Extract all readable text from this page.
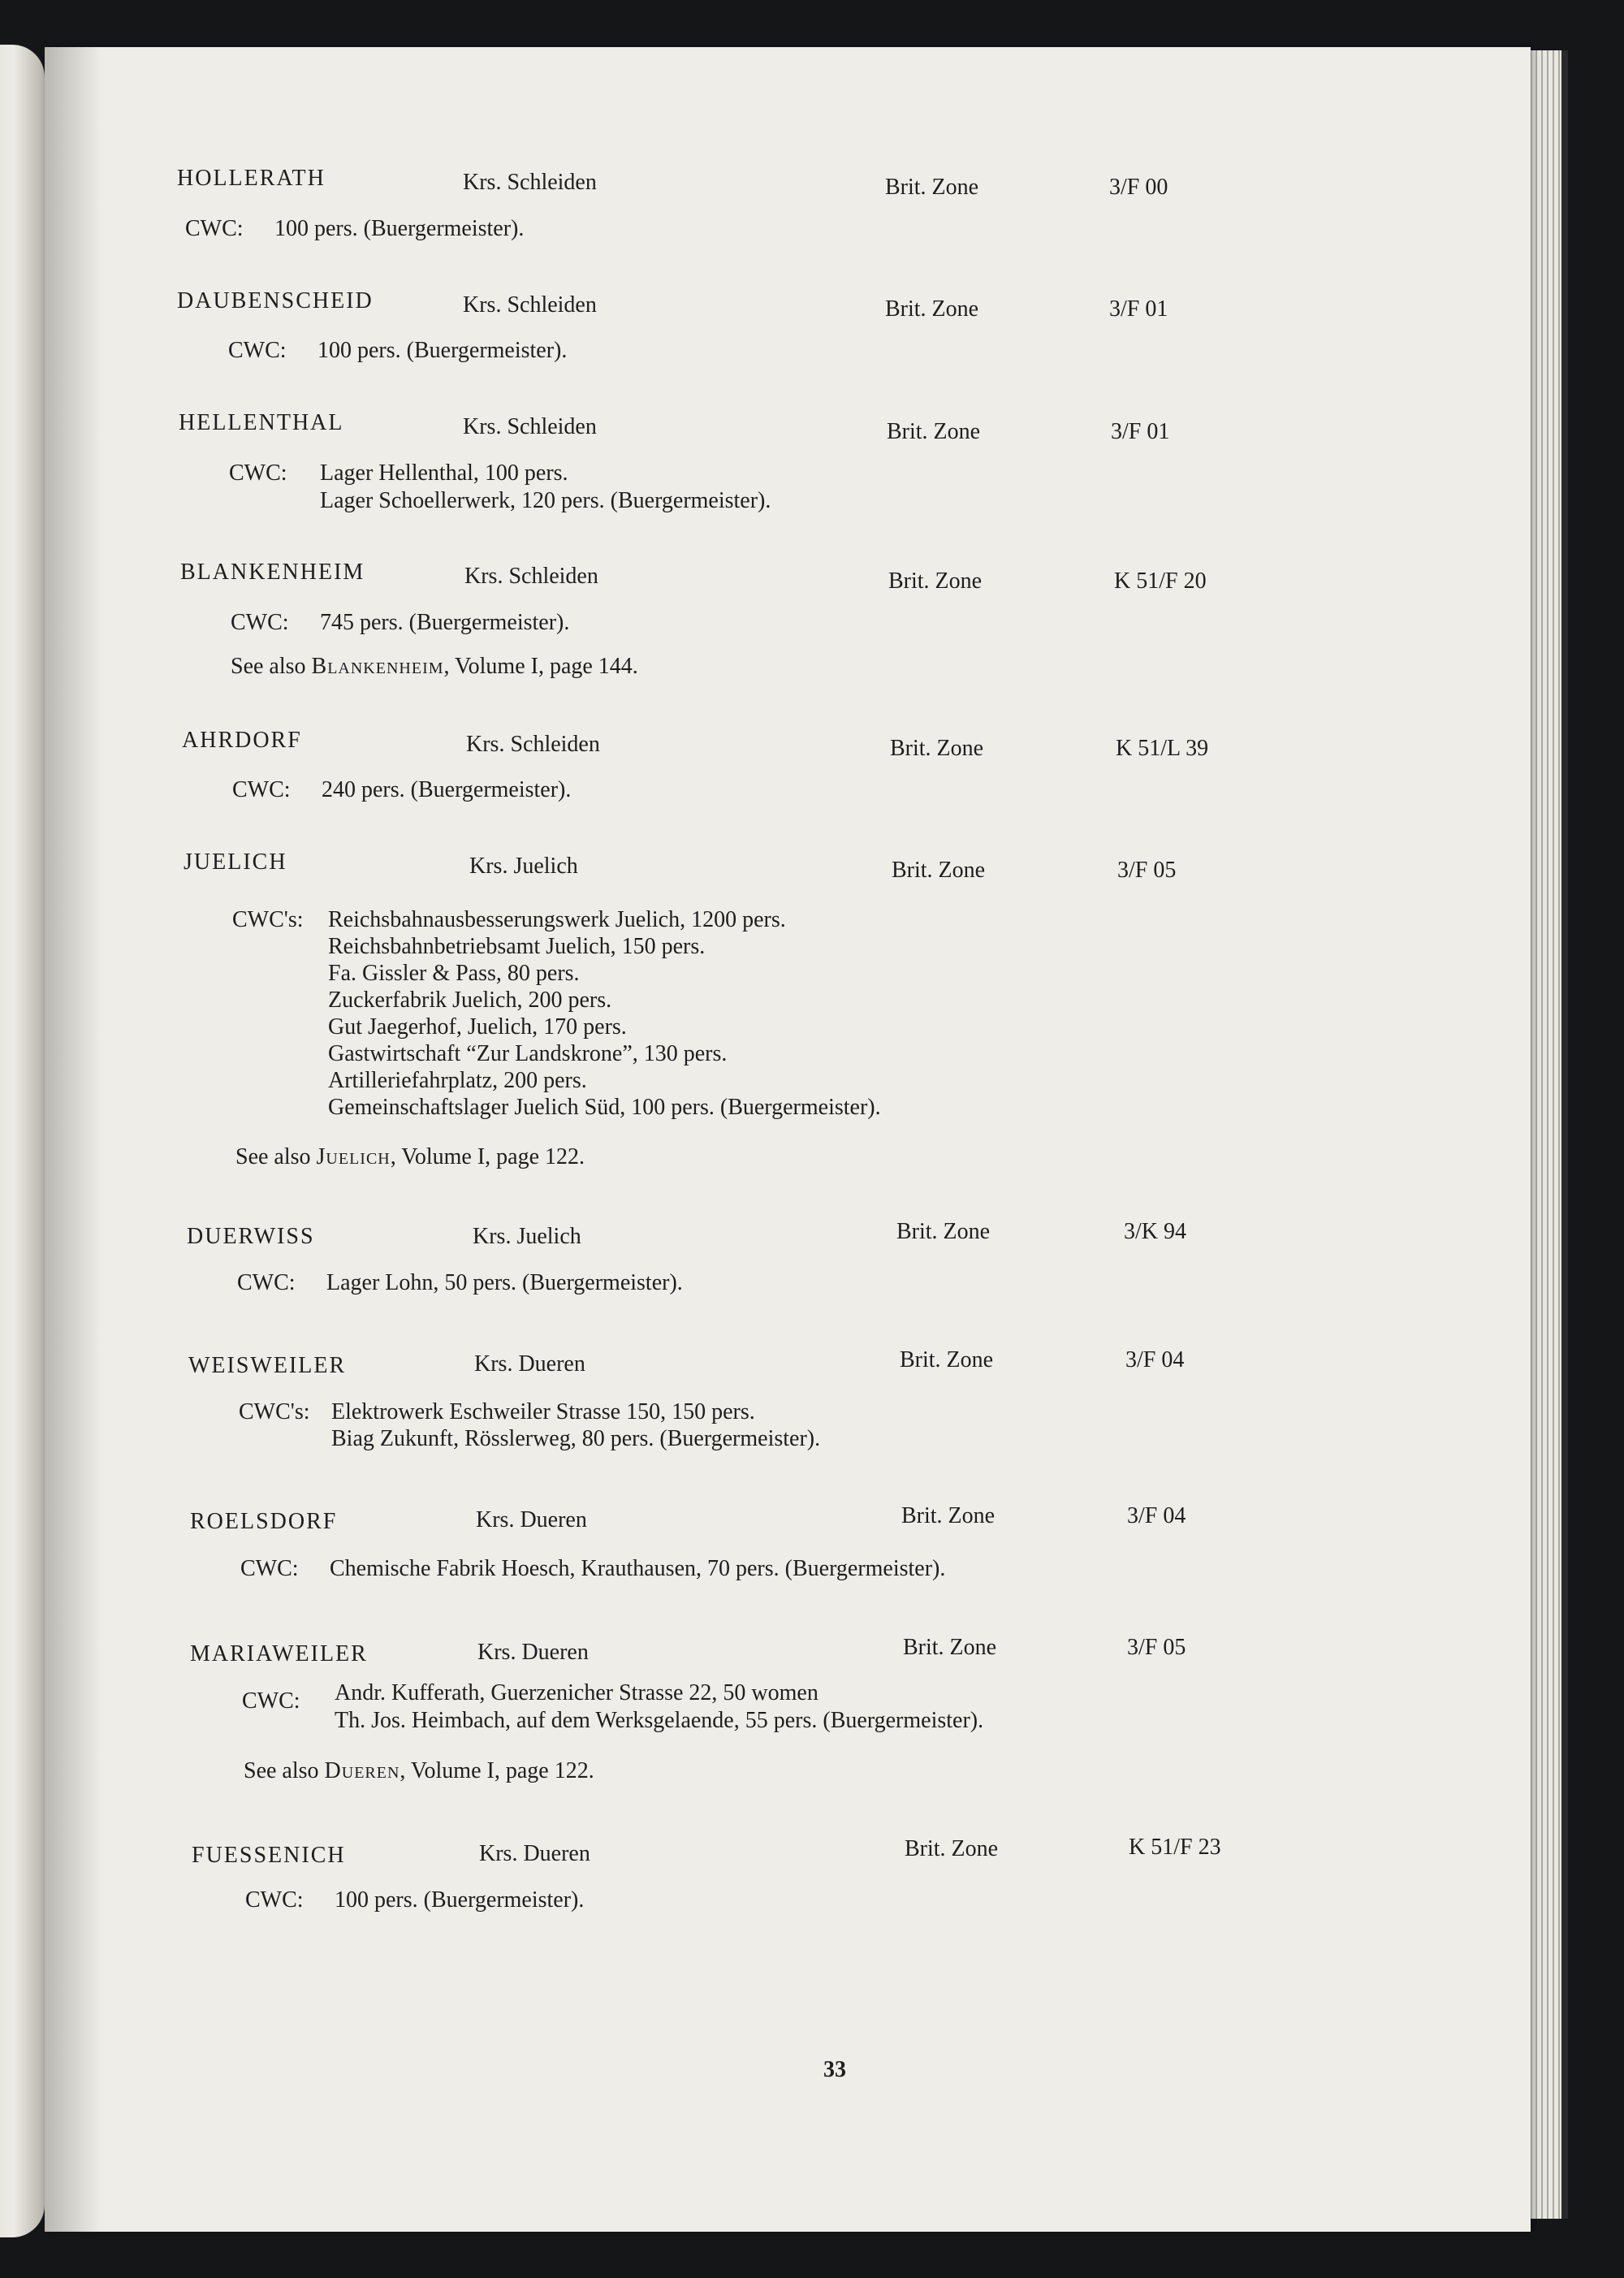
HOLLERATH	Krs. Schleiden	Brit. Zone	3/F 00
CWC: 100 pers. (Buergermeister).
DAUBENSCHEID	Krs. Schleiden	Brit. Zone	3/F 01
CWC: 100 pers. (Buergermeister).
HELLENTHAL	Krs. Schleiden	Brit. Zone	3/F 01
CWC: Lager Hellenthal, 100 pers.
Lager Schoellerwerk, 120 pers. (Buergermeister).
BLANKENHEIM	Krs. Schleiden	Brit. Zone	K 51/F 20
CWC: 745 pers. (Buergermeister).
See also Blankenheim, Volume I, page 144.
AHRDORF	Krs. Schleiden	Brit. Zone	K 51/L 39
CWC: 240 pers. (Buergermeister).
JUELICH	Krs. Juelich	Brit. Zone	3/F 05
CWC's: Reichsbahnausbesserungswerk Juelich, 1200 pers.
Reichsbahnbetriebsamt Juelich, 150 pers.
Fa. Gissler & Pass, 80 pers.
Zuckerfabrik Juelich, 200 pers.
Gut Jaegerhof, Juelich, 170 pers.
Gastwirtschaft “Zur Landskrone”, 130 pers.
Artilleriefahrplatz, 200 pers.
Gemeinschaftslager Juelich Süd, 100 pers. (Buergermeister).
See also Juelich, Volume I, page 122.
DUERWISS	Krs. Juelich	Brit. Zone	3/K 94
CWC: Lager Lohn, 50 pers. (Buergermeister).
WEISWEILER	Krs. Dueren	Brit. Zone	3/F 04
CWC's: Elektrowerk Eschweiler Strasse 150, 150 pers.
Biag Zukunft, Rösslerweg, 80 pers. (Buergermeister).
ROELSDORF	Krs. Dueren	Brit. Zone	3/F 04
CWC: Chemische Fabrik Hoesch, Krauthausen, 70 pers. (Buergermeister).
MARIAWEILER	Krs. Dueren	Brit. Zone	3/F 05
CWC: Andr. Kufferath, Guerzenicher Strasse 22, 50 women
Th. Jos. Heimbach, auf dem Werksgelaende, 55 pers. (Buergermeister).
See also Dueren, Volume I, page 122.
FUESSENICH	Krs. Dueren	Brit. Zone	K 51/F 23
CWC: 100 pers. (Buergermeister).
33
